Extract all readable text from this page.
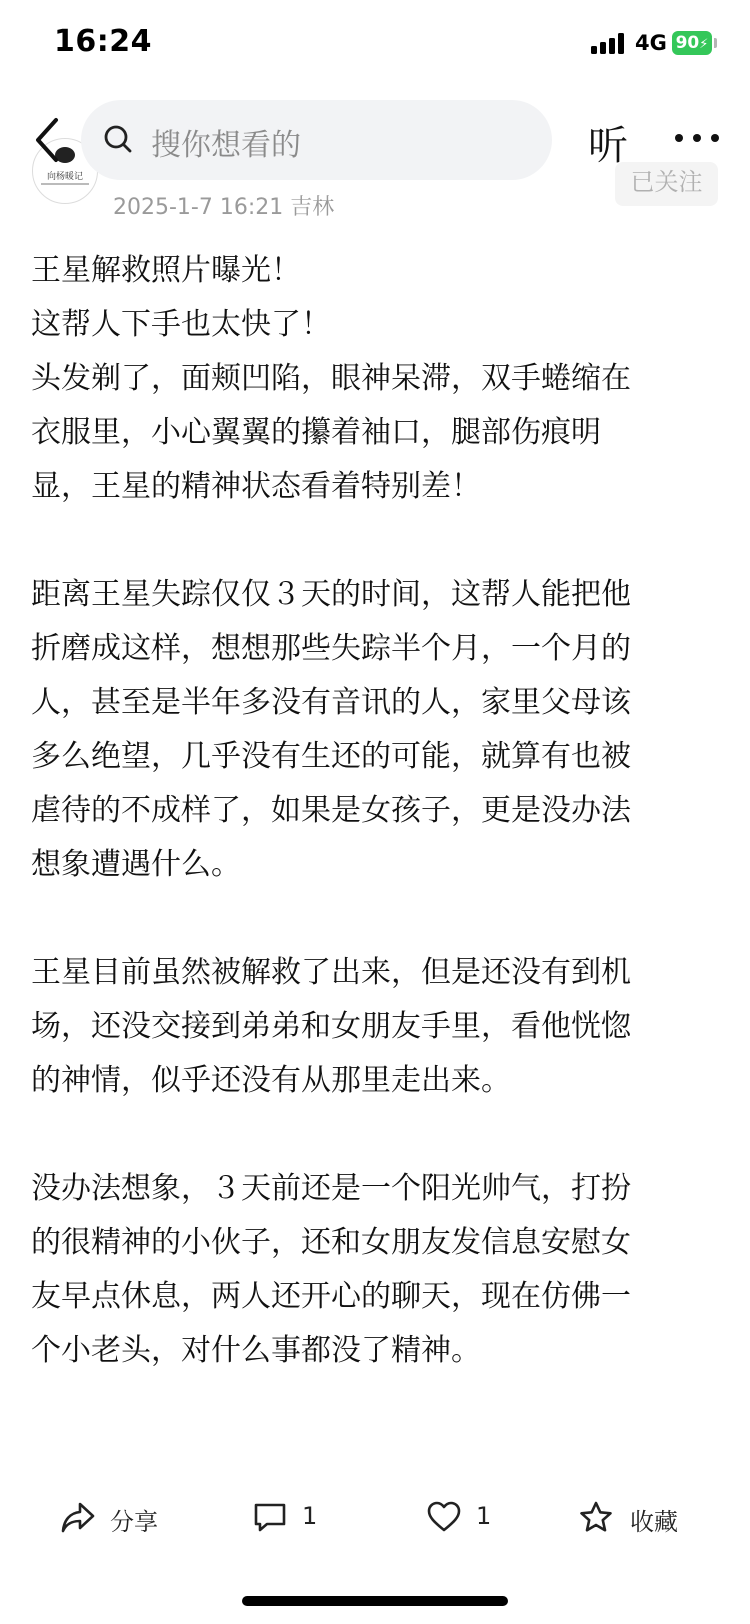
16:24	4G 90⚡
向杨暖记
2025-1-7 16:21 吉林
已关注
搜你想看的	听
王星解救照片曝光！
这帮人下手也太快了！
头发剃了，面颊凹陷，眼神呆滞，双手蜷缩在
衣服里，小心翼翼的攥着袖口，腿部伤痕明
显，王星的精神状态看着特别差！
距离王星失踪仅仅３天的时间，这帮人能把他
折磨成这样，想想那些失踪半个月，一个月的
人，甚至是半年多没有音讯的人，家里父母该
多么绝望，几乎没有生还的可能，就算有也被
虐待的不成样了，如果是女孩子，更是没办法
想象遭遇什么。
王星目前虽然被解救了出来，但是还没有到机
场，还没交接到弟弟和女朋友手里，看他恍惚
的神情，似乎还没有从那里走出来。
没办法想象，３天前还是一个阳光帅气，打扮
的很精神的小伙子，还和女朋友发信息安慰女
友早点休息，两人还开心的聊天，现在仿佛一
个小老头，对什么事都没了精神。
分享	1	1	收藏
